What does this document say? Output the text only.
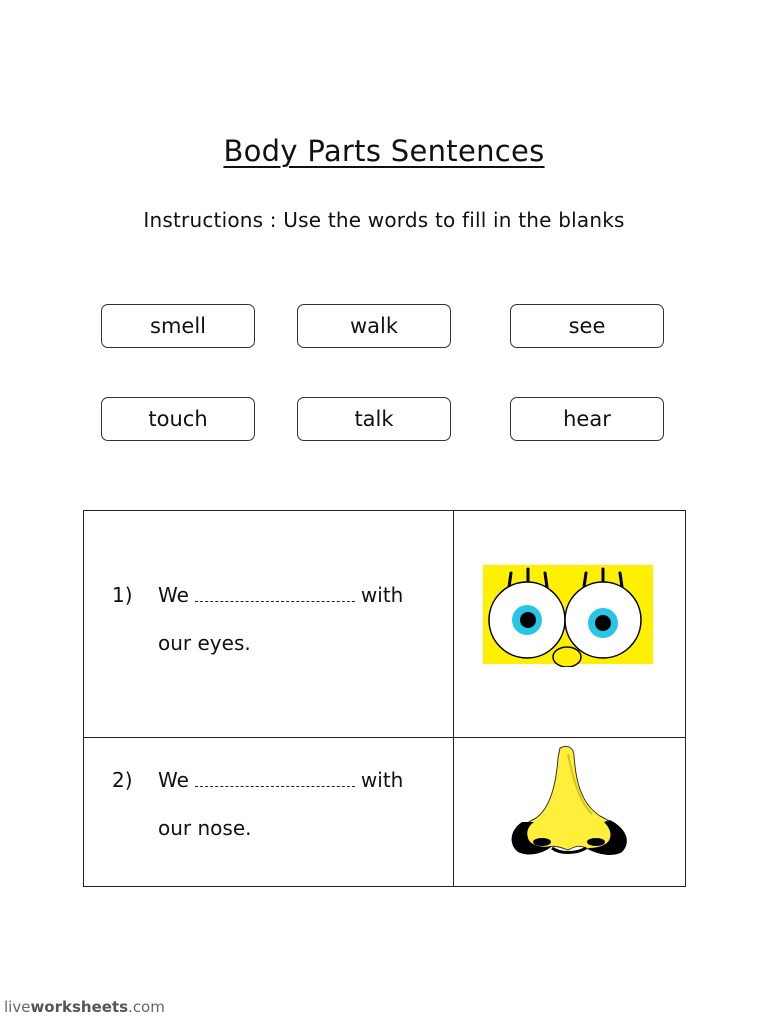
Body Parts Sentences
Instructions : Use the words to fill in the blanks
smell	walk	see
touch	talk	hear
1) We with
our eyes.

2) We with
our nose.

liveworksheets.com
